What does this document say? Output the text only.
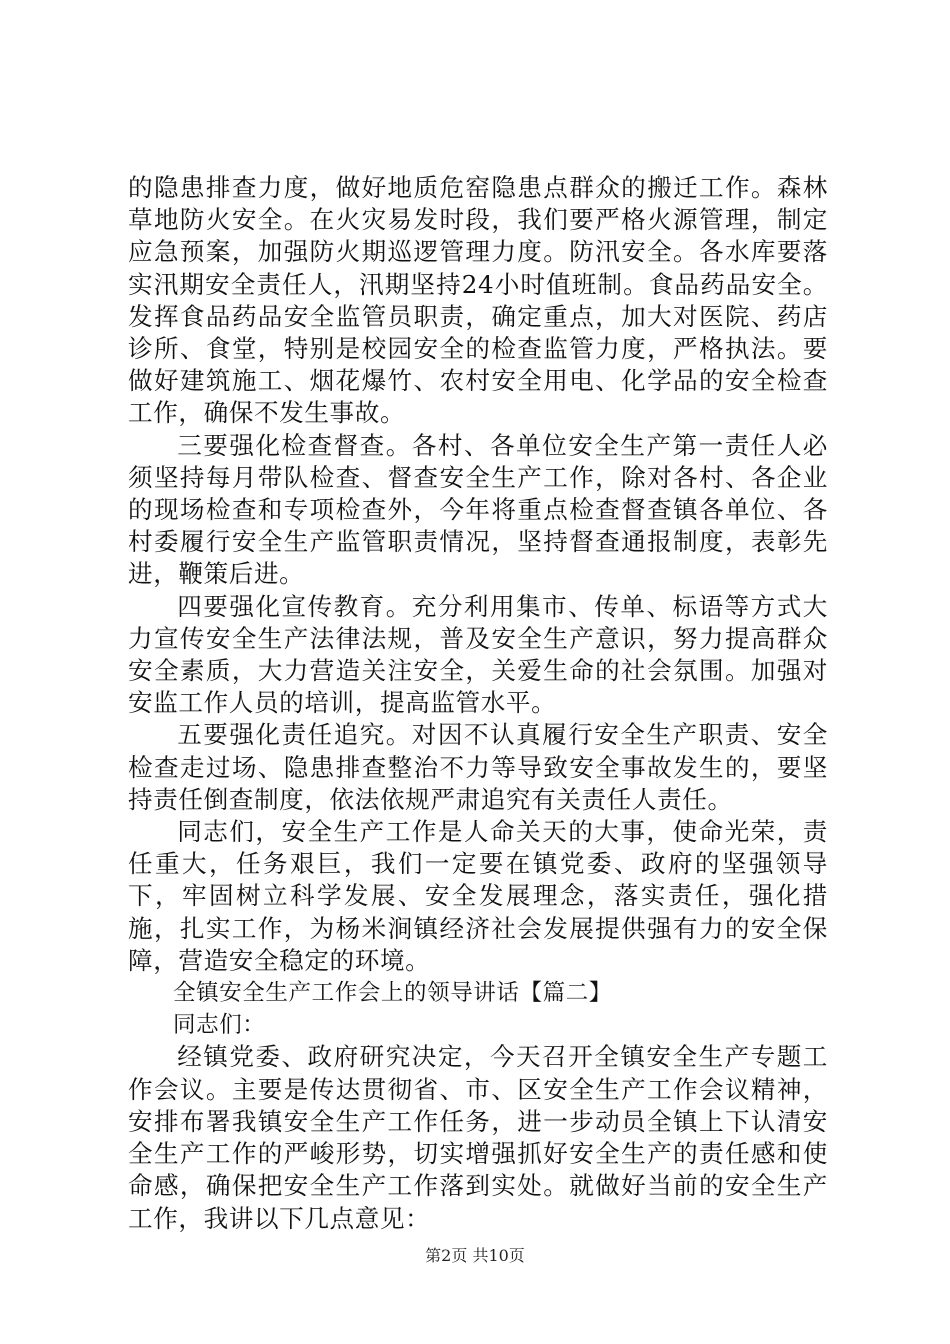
的隐患排查力度，做好地质危窑隐患点群众的搬迁工作。森林草地防火安全。在火灾易发时段，我们要严格火源管理，制定应急预案，加强防火期巡逻管理力度。防汛安全。各水库要落实汛期安全责任人，汛期坚持24小时值班制。食品药品安全。发挥食品药品安全监管员职责，确定重点，加大对医院、药店诊所、食堂，特别是校园安全的检查监管力度，严格执法。要做好建筑施工、烟花爆竹、农村安全用电、化学品的安全检查工作，确保不发生事故。

三要强化检查督查。各村、各单位安全生产第一责任人必须坚持每月带队检查、督查安全生产工作，除对各村、各企业的现场检查和专项检查外，今年将重点检查督查镇各单位、各村委履行安全生产监管职责情况，坚持督查通报制度，表彰先进，鞭策后进。

四要强化宣传教育。充分利用集市、传单、标语等方式大力宣传安全生产法律法规，普及安全生产意识，努力提高群众安全素质，大力营造关注安全，关爱生命的社会氛围。加强对安监工作人员的培训，提高监管水平。

五要强化责任追究。对因不认真履行安全生产职责、安全检查走过场、隐患排查整治不力等导致安全事故发生的，要坚持责任倒查制度，依法依规严肃追究有关责任人责任。

同志们，安全生产工作是人命关天的大事，使命光荣，责任重大，任务艰巨，我们一定要在镇党委、政府的坚强领导下，牢固树立科学发展、安全发展理念，落实责任，强化措施，扎实工作，为杨米涧镇经济社会发展提供强有力的安全保障，营造安全稳定的环境。

全镇安全生产工作会上的领导讲话【篇二】

同志们：

经镇党委、政府研究决定，今天召开全镇安全生产专题工作会议。主要是传达贯彻省、市、区安全生产工作会议精神，安排布署我镇安全生产工作任务，进一步动员全镇上下认清安全生产工作的严峻形势，切实增强抓好安全生产的责任感和使命感，确保把安全生产工作落到实处。就做好当前的安全生产工作，我讲以下几点意见：

第2页 共10页
